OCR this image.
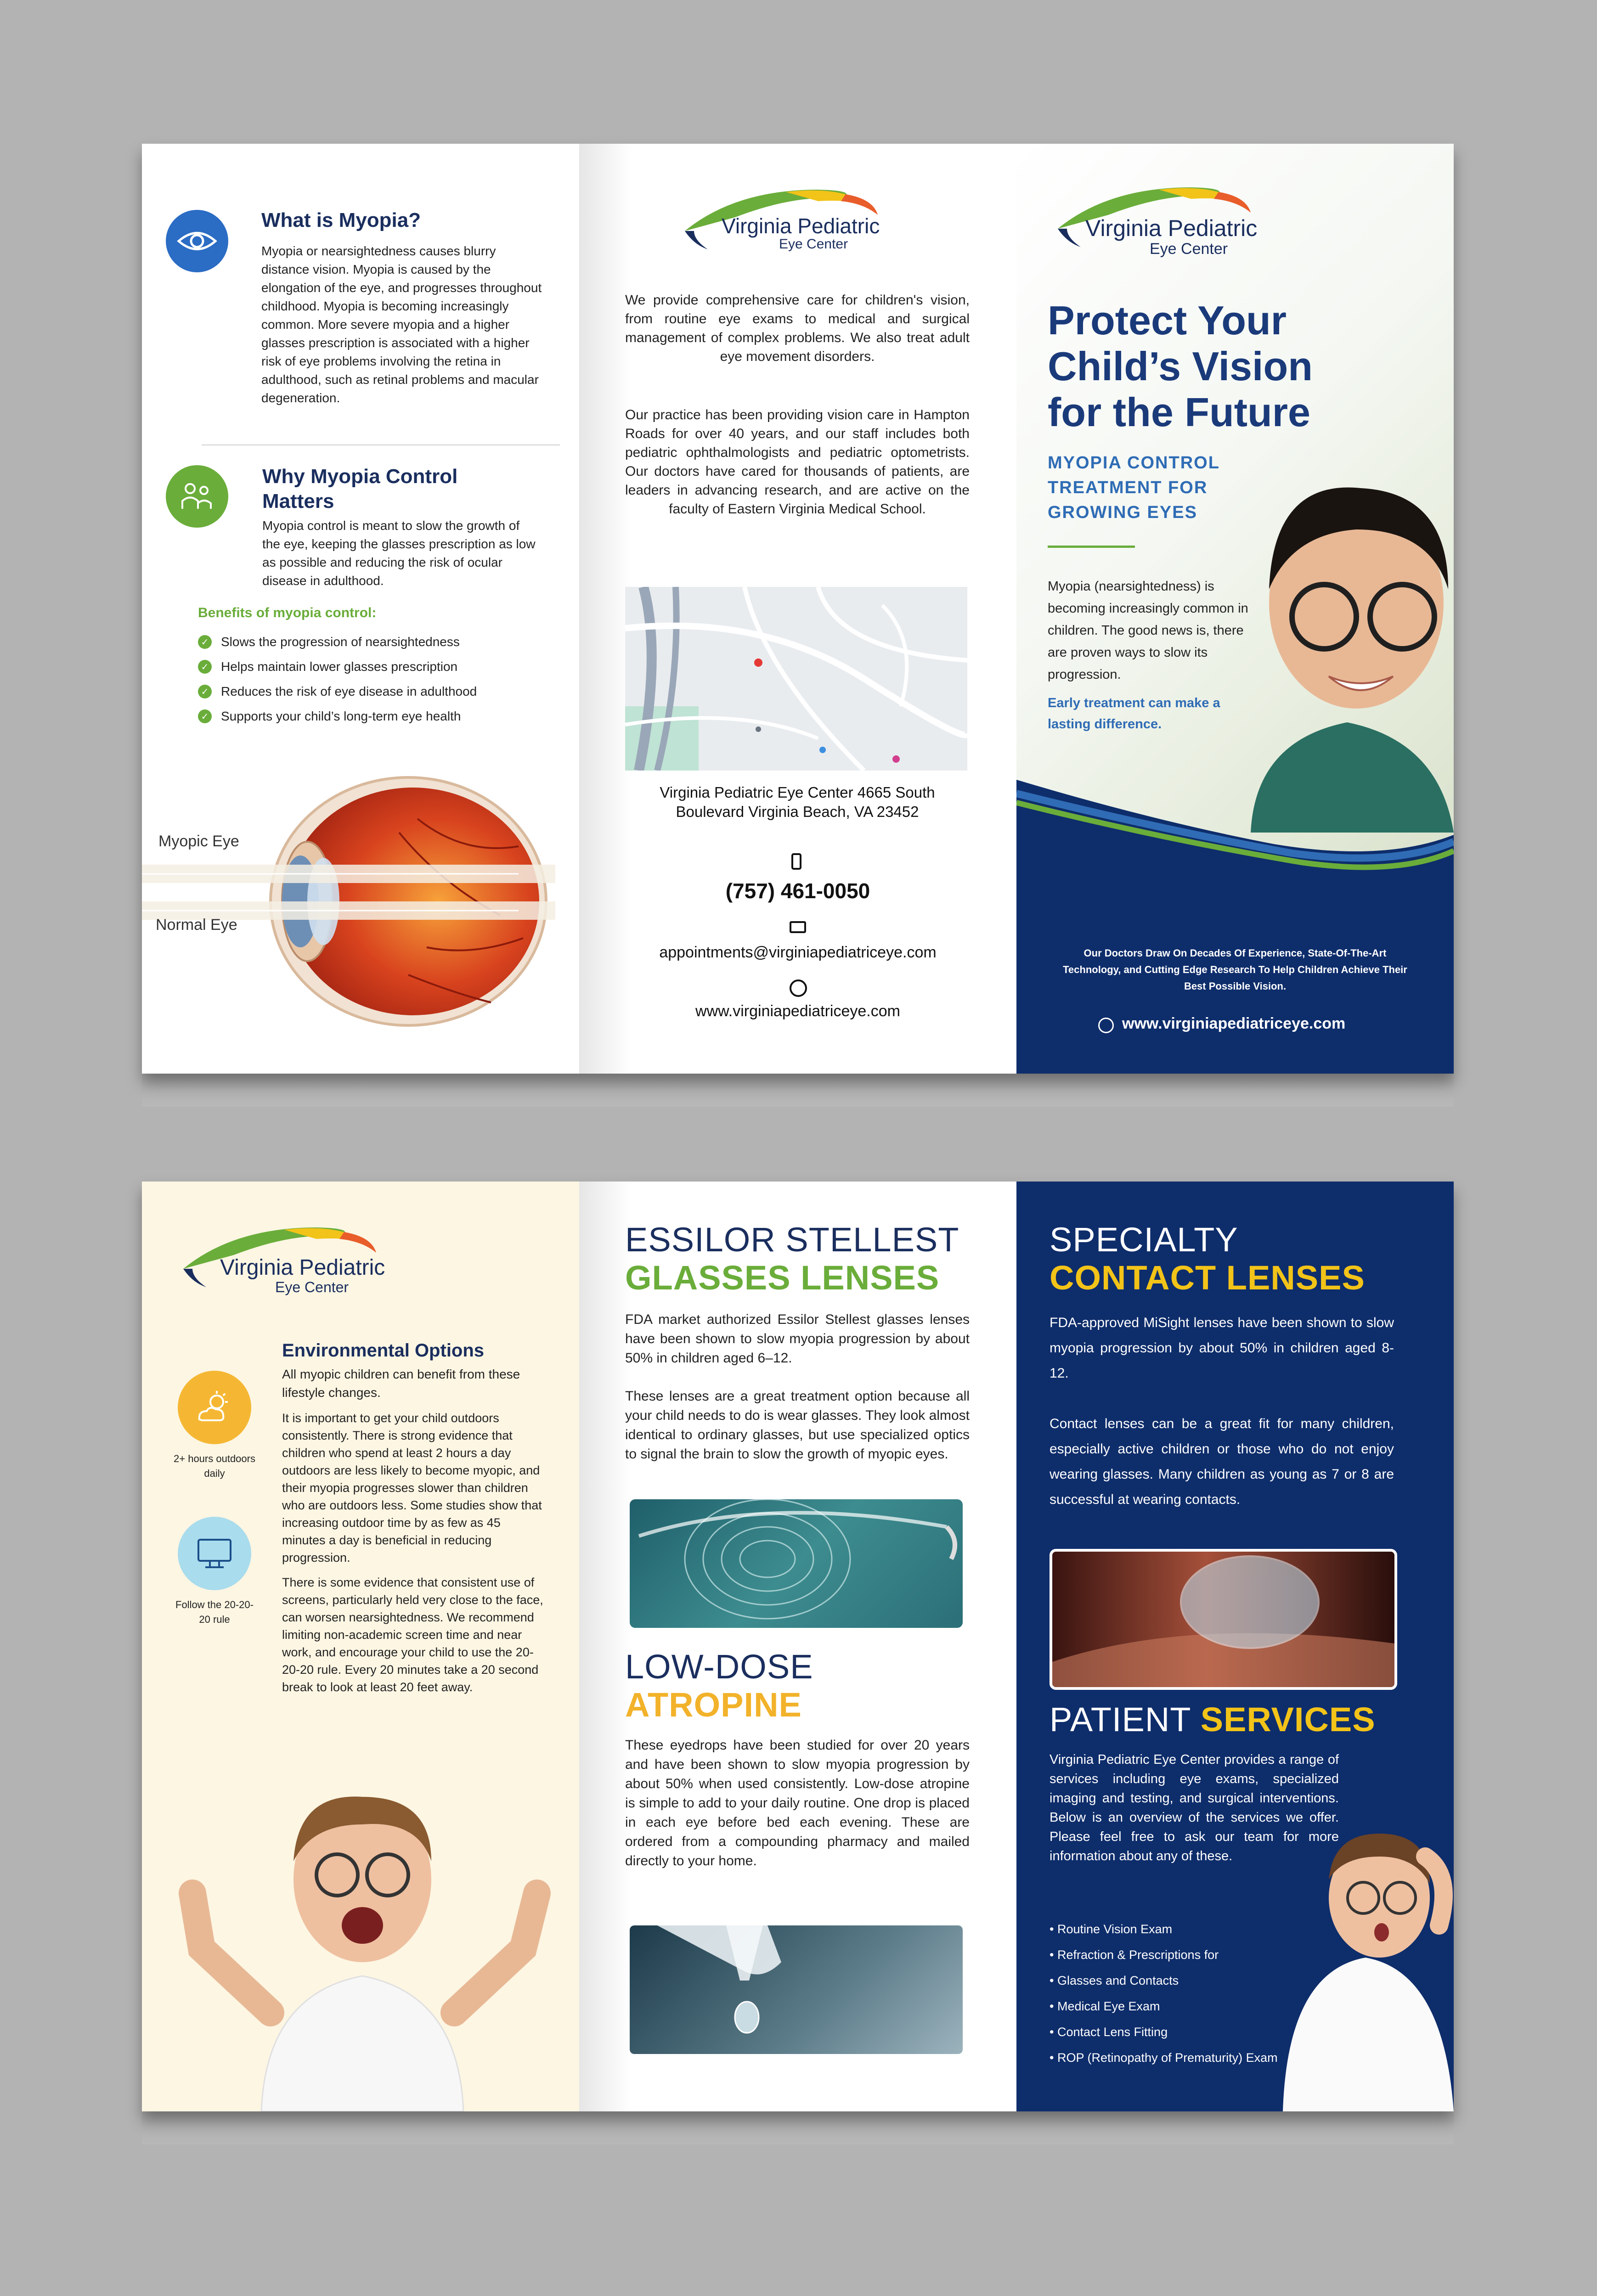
What is Myopia?
Myopia or nearsightedness causes blurry distance vision. Myopia is caused by the elongation of the eye, and progresses throughout childhood. Myopia is becoming increasingly common. More severe myopia and a higher glasses prescription is associated with a higher risk of eye problems involving the retina in adulthood, such as retinal problems and macular degeneration.
Why Myopia Control Matters
Myopia control is meant to slow the growth of the eye, keeping the glasses prescription as low as possible and reducing the risk of ocular disease in adulthood.
Benefits of myopia control:
✓ Slows the progression of nearsightedness
✓ Helps maintain lower glasses prescription
✓ Reduces the risk of eye disease in adulthood
✓ Supports your child’s long-term eye health
Myopic Eye
Normal Eye
Virginia Pediatric
Eye Center
We provide comprehensive care for children's vision, from routine eye exams to medical and surgical management of complex problems. We also treat adult eye movement disorders.
Our practice has been providing vision care in Hampton Roads for over 40 years, and our staff includes both pediatric ophthalmologists and pediatric optometrists. Our doctors have cared for thousands of patients, are leaders in advancing research, and are active on the faculty of Eastern Virginia Medical School.
Virginia Pediatric Eye Center 4665 South Boulevard Virginia Beach, VA 23452
(757) 461-0050
appointments@virginiapediatriceye.com
www.virginiapediatriceye.com
Virginia Pediatric
Eye Center
Protect Your Child’s Vision for the Future
MYOPIA CONTROL TREATMENT FOR GROWING EYES
Myopia (nearsightedness) is becoming increasingly common in children. The good news is, there are proven ways to slow its progression.
Early treatment can make a lasting difference.
Our Doctors Draw On Decades Of Experience, State-Of-The-Art Technology, and Cutting Edge Research To Help Children Achieve Their Best Possible Vision.
www.virginiapediatriceye.com
Virginia Pediatric
Eye Center
Environmental Options
All myopic children can benefit from these lifestyle changes.
It is important to get your child outdoors consistently. There is strong evidence that children who spend at least 2 hours a day outdoors are less likely to become myopic, and their myopia progresses slower than children who are outdoors less. Some studies show that increasing outdoor time by as few as 45 minutes a day is beneficial in reducing progression.
There is some evidence that consistent use of screens, particularly held very close to the face, can worsen nearsightedness. We recommend limiting non-academic screen time and near work, and encourage your child to use the 20-20-20 rule. Every 20 minutes take a 20 second break to look at least 20 feet away.
2+ hours outdoors daily
Follow the 20-20-20 rule
ESSILOR STELLEST
GLASSES LENSES
FDA market authorized Essilor Stellest glasses lenses have been shown to slow myopia progression by about 50% in children aged 6–12.
These lenses are a great treatment option because all your child needs to do is wear glasses. They look almost identical to ordinary glasses, but use specialized optics to signal the brain to slow the growth of myopic eyes.
LOW-DOSE
ATROPINE
These eyedrops have been studied for over 20 years and have been shown to slow myopia progression by about 50% when used consistently. Low-dose atropine is simple to add to your daily routine. One drop is placed in each eye before bed each evening. These are ordered from a compounding pharmacy and mailed directly to your home.
SPECIALTY
CONTACT LENSES
FDA-approved MiSight lenses have been shown to slow myopia progression by about 50% in children aged 8-12.
Contact lenses can be a great fit for many children, especially active children or those who do not enjoy wearing glasses. Many children as young as 7 or 8 are successful at wearing contacts.
PATIENT SERVICES
Virginia Pediatric Eye Center provides a range of services including eye exams, specialized imaging and testing, and surgical interventions. Below is an overview of the services we offer. Please feel free to ask our team for more information about any of these.
• Routine Vision Exam
• Refraction & Prescriptions for
• Glasses and Contacts
• Medical Eye Exam
• Contact Lens Fitting
• ROP (Retinopathy of Prematurity) Exam
